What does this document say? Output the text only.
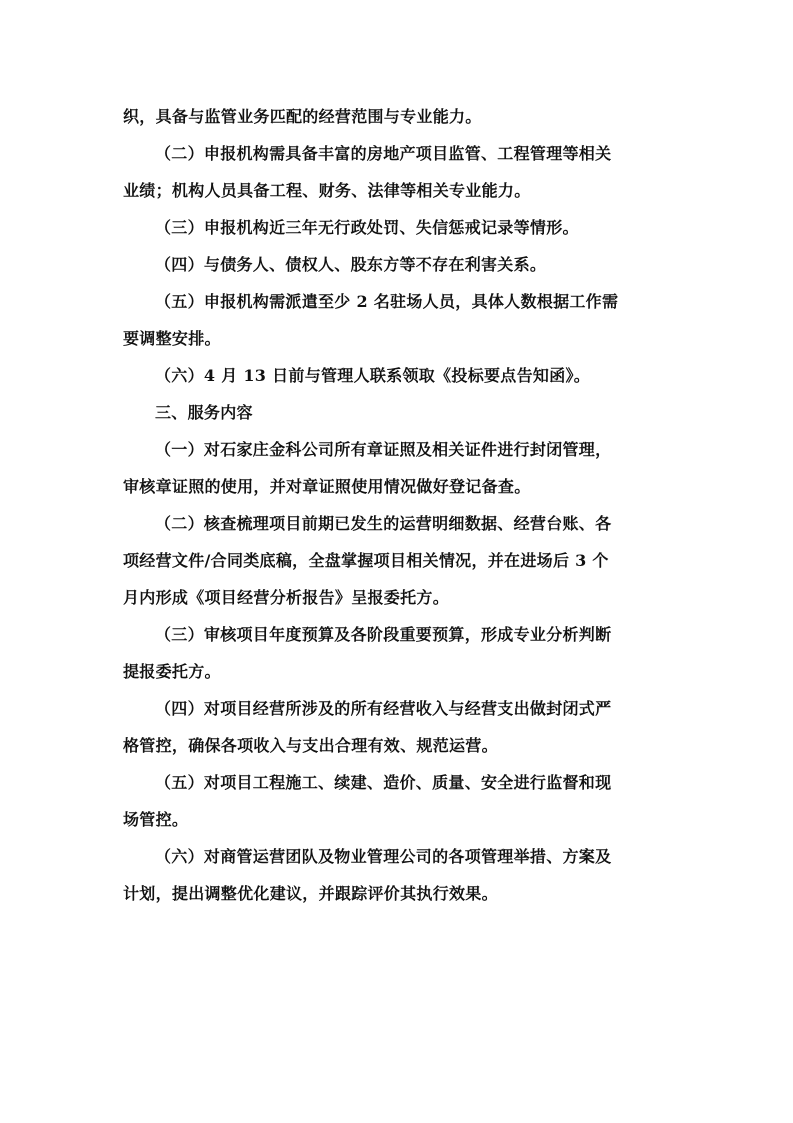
织，具备与监管业务匹配的经营范围与专业能力。
（二）申报机构需具备丰富的房地产项目监管、工程管理等相关
业绩；机构人员具备工程、财务、法律等相关专业能力。
（三）申报机构近三年无行政处罚、失信惩戒记录等情形。
（四）与债务人、债权人、股东方等不存在利害关系。
（五）申报机构需派遣至少 2 名驻场人员，具体人数根据工作需
要调整安排。
（六）4 月 13 日前与管理人联系领取《投标要点告知函》。
三、服务内容
（一）对石家庄金科公司所有章证照及相关证件进行封闭管理，
审核章证照的使用，并对章证照使用情况做好登记备查。
（二）核查梳理项目前期已发生的运营明细数据、经营台账、各
项经营文件/合同类底稿，全盘掌握项目相关情况，并在进场后 3 个
月内形成《项目经营分析报告》呈报委托方。
（三）审核项目年度预算及各阶段重要预算，形成专业分析判断
提报委托方。
（四）对项目经营所涉及的所有经营收入与经营支出做封闭式严
格管控，确保各项收入与支出合理有效、规范运营。
（五）对项目工程施工、续建、造价、质量、安全进行监督和现
场管控。
（六）对商管运营团队及物业管理公司的各项管理举措、方案及
计划，提出调整优化建议，并跟踪评价其执行效果。
